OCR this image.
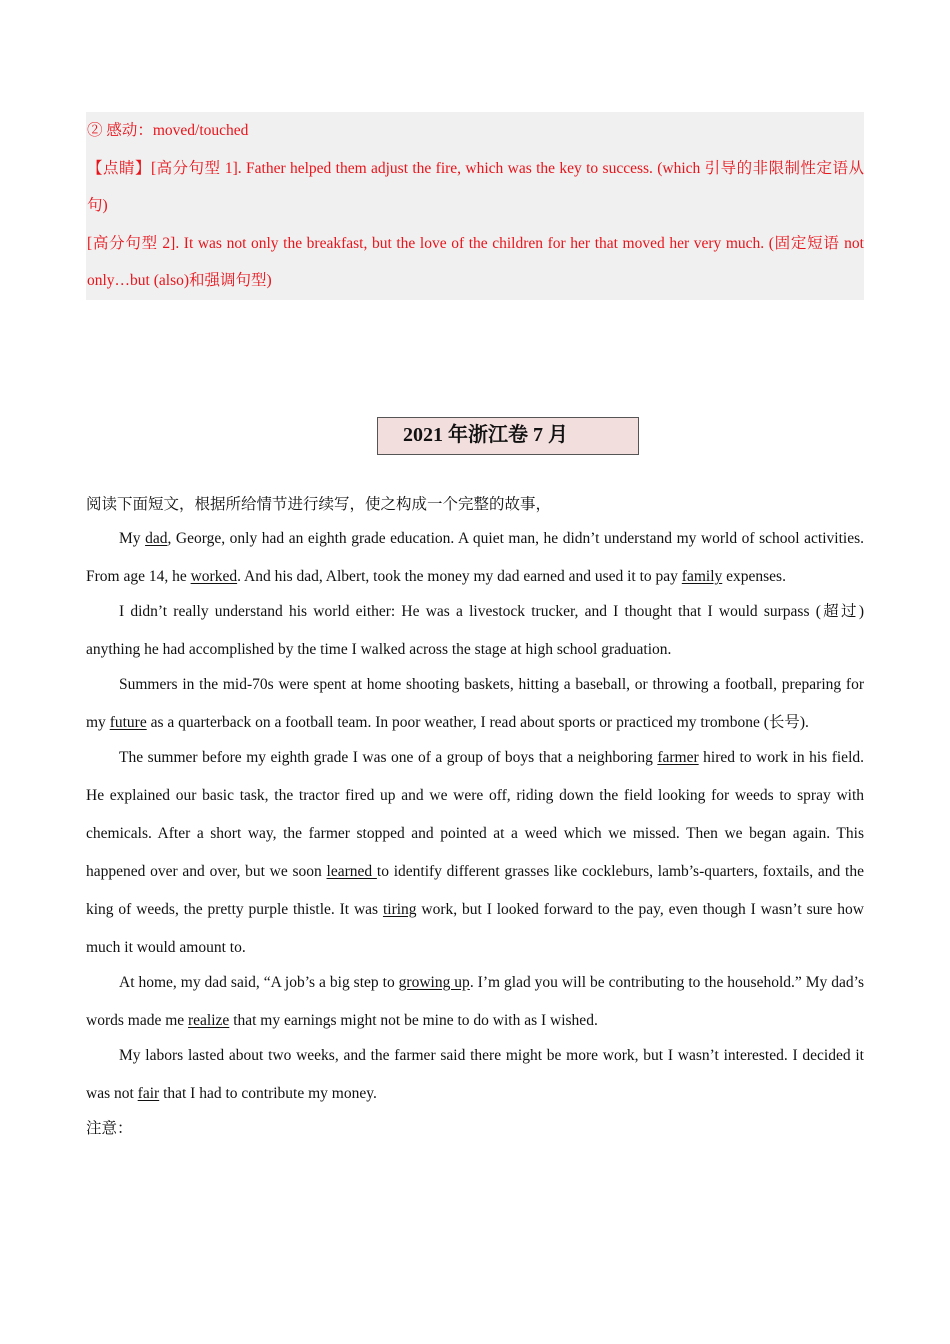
② 感动：moved/touched

【点睛】[高分句型 1]. Father helped them adjust the fire, which was the key to success. (which 引导的非限制性定语从句)

[高分句型 2]. It was not only the breakfast, but the love of the children for her that moved her very much. (固定短语 not only…but (also)和强调句型)

2021 年浙江卷 7 月

阅读下面短文，根据所给情节进行续写，使之构成一个完整的故事，

My dad, George, only had an eighth grade education. A quiet man, he didn’t understand my world of school activities. From age 14, he worked. And his dad, Albert, took the money my dad earned and used it to pay family expenses.

I didn’t really understand his world either: He was a livestock trucker, and I thought that I would surpass (超过) anything he had accomplished by the time I walked across the stage at high school graduation.

Summers in the mid-70s were spent at home shooting baskets, hitting a baseball, or throwing a football, preparing for my future as a quarterback on a football team. In poor weather, I read about sports or practiced my trombone (长号).

The summer before my eighth grade I was one of a group of boys that a neighboring farmer hired to work in his field. He explained our basic task, the tractor fired up and we were off, riding down the field looking for weeds to spray with chemicals. After a short way, the farmer stopped and pointed at a weed which we missed. Then we began again. This happened over and over, but we soon learned to identify different grasses like cockleburs, lamb’s-quarters, foxtails, and the king of weeds, the pretty purple thistle. It was tiring work, but I looked forward to the pay, even though I wasn’t sure how much it would amount to.

At home, my dad said, “A job’s a big step to growing up. I’m glad you will be contributing to the household.” My dad’s words made me realize that my earnings might not be mine to do with as I wished.

My labors lasted about two weeks, and the farmer said there might be more work, but I wasn’t interested. I decided it was not fair that I had to contribute my money.

注意：
